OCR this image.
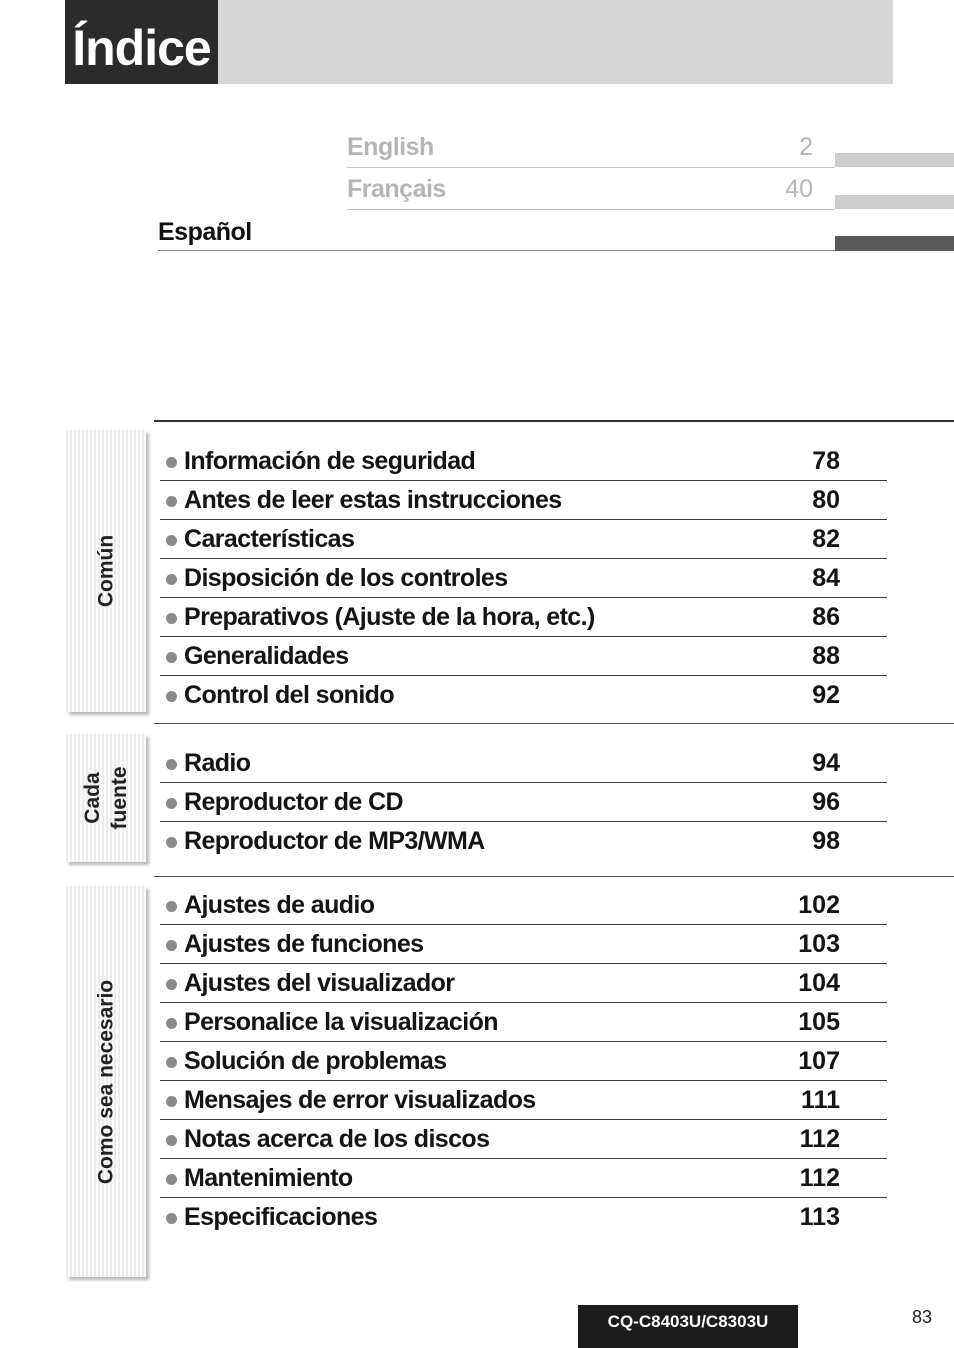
Índice
English	2
Français	40
Español
Común
Información de seguridad	78
Antes de leer estas instrucciones	80
Características	82
Disposición de los controles	84
Preparativos (Ajuste de la hora, etc.)	86
Generalidades	88
Control del sonido	92
Cada fuente
Radio	94
Reproductor de CD	96
Reproductor de MP3/WMA	98
Como sea necesario
Ajustes de audio	102
Ajustes de funciones	103
Ajustes del visualizador	104
Personalice la visualización	105
Solución de problemas	107
Mensajes de error visualizados	111
Notas acerca de los discos	112
Mantenimiento	112
Especificaciones	113
CQ-C8403U/C8303U	83
